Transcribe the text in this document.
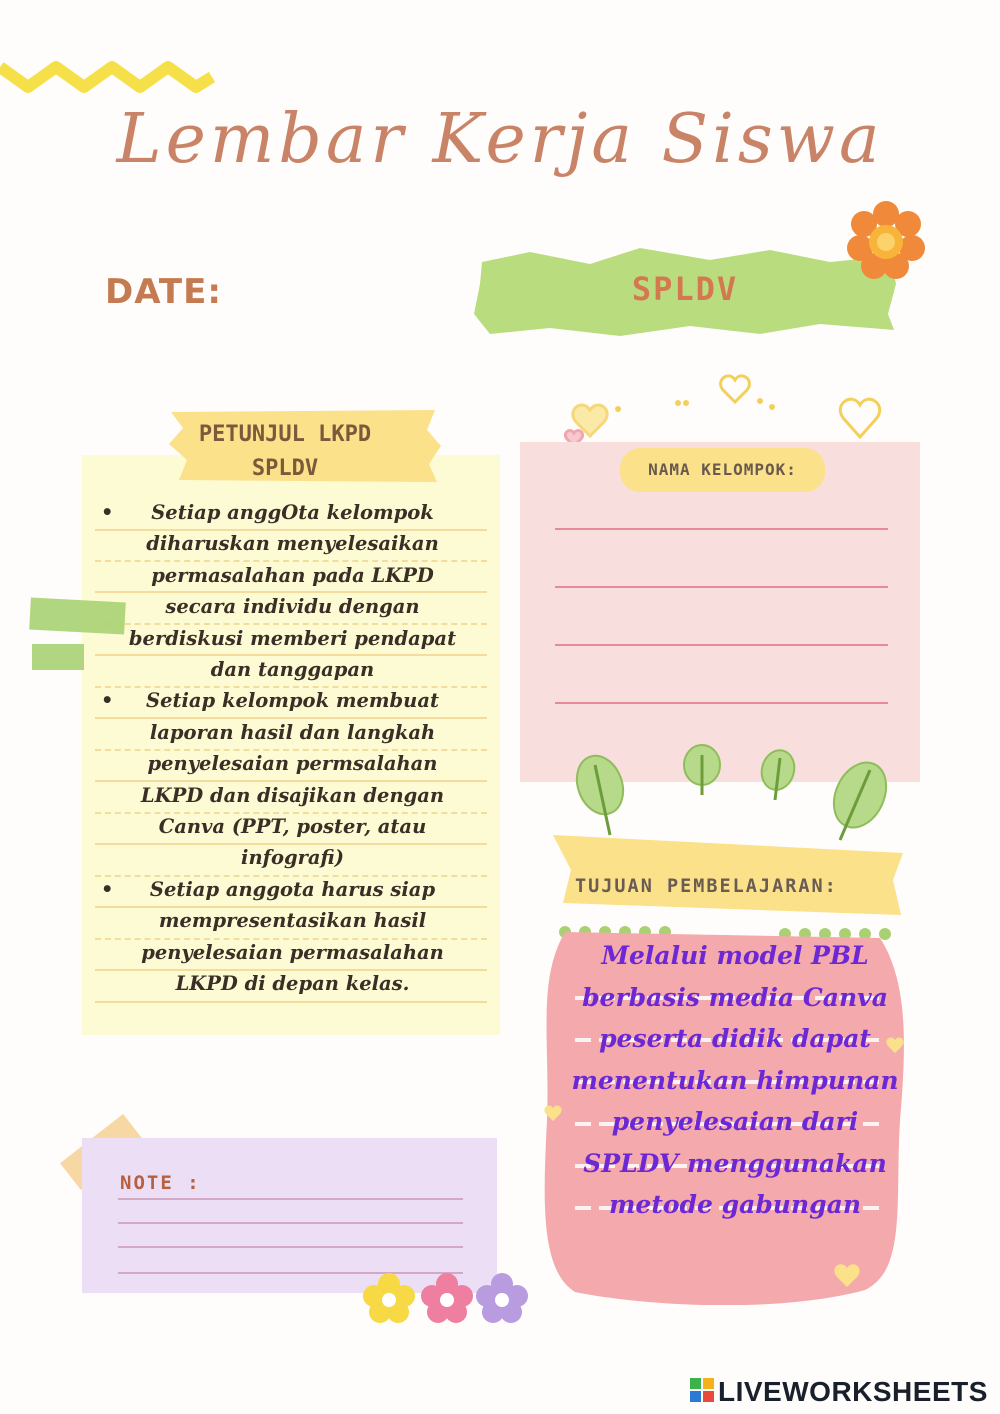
Lembar Kerja Siswa
DATE:	SPLDV
PETUNJUL LKPD
SPLDV
• Setiap anggOta kelompok diharuskan menyelesaikan permasalahan pada LKPD secara individu dengan berdiskusi memberi pendapat dan tanggapan
• Setiap kelompok membuat laporan hasil dan langkah penyelesaian permsalahan LKPD dan disajikan dengan Canva (PPT, poster, atau infografi)
• Setiap anggota harus siap mempresentasikan hasil penyelesaian permasalahan LKPD di depan kelas.
NAMA KELOMPOK:
TUJUAN PEMBELAJARAN:
Melalui model PBL berbasis media Canva peserta didik dapat menentukan himpunan penyelesaian dari SPLDV menggunakan metode gabungan
NOTE :
LIVEWORKSHEETS
